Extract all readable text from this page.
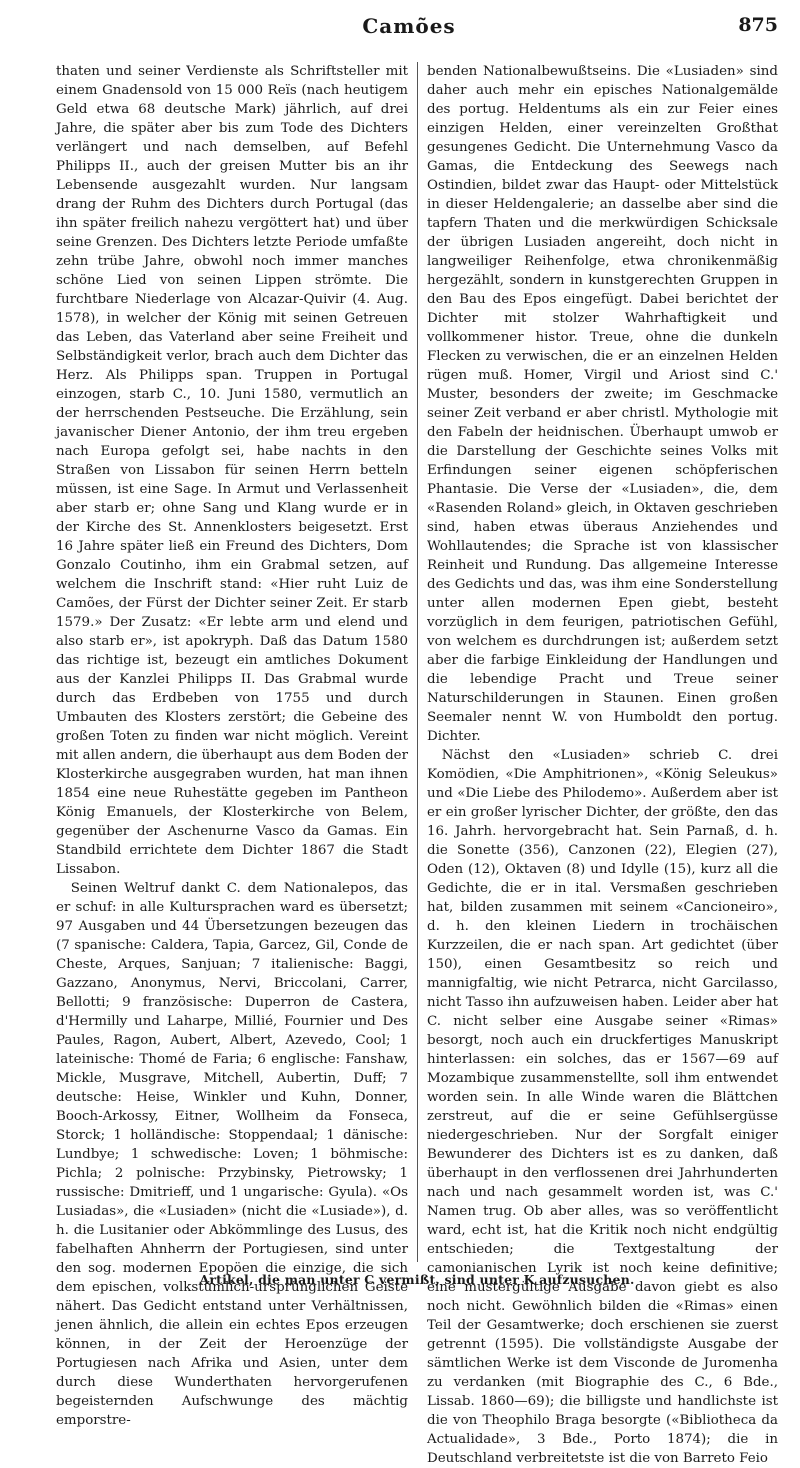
Camões	875

thaten und seiner Verdienste als Schriftsteller mit einem Gnadensold von 15 000 Reïs (nach heutigem Geld etwa 68 deutsche Mark) jährlich, auf drei Jahre, die später aber bis zum Tode des Dichters verlängert und nach demselben, auf Befehl Philipps II., auch der greisen Mutter bis an ihr Lebensende ausgezahlt wurden. Nur langsam drang der Ruhm des Dichters durch Portugal (das ihn später freilich nahezu vergöttert hat) und über seine Grenzen. Des Dichters letzte Periode umfaßte zehn trübe Jahre, obwohl noch immer manches schöne Lied von seinen Lippen strömte. Die furchtbare Niederlage von Alcazar-Quivir (4. Aug. 1578), in welcher der König mit seinen Getreuen das Leben, das Vaterland aber seine Freiheit und Selbständigkeit verlor, brach auch dem Dichter das Herz. Als Philipps span. Truppen in Portugal einzogen, starb C., 10. Juni 1580, vermutlich an der herrschenden Pestseuche. Die Erzählung, sein javanischer Diener Antonio, der ihm treu ergeben nach Europa gefolgt sei, habe nachts in den Straßen von Lissabon für seinen Herrn betteln müssen, ist eine Sage. In Armut und Verlassenheit aber starb er; ohne Sang und Klang wurde er in der Kirche des St. Annenklosters beigesetzt. Erst 16 Jahre später ließ ein Freund des Dichters, Dom Gonzalo Coutinho, ihm ein Grabmal setzen, auf welchem die Inschrift stand: «Hier ruht Luiz de Camões, der Fürst der Dichter seiner Zeit. Er starb 1579.» Der Zusatz: «Er lebte arm und elend und also starb er», ist apokryph. Daß das Datum 1580 das richtige ist, bezeugt ein amtliches Dokument aus der Kanzlei Philipps II. Das Grabmal wurde durch das Erdbeben von 1755 und durch Umbauten des Klosters zerstört; die Gebeine des großen Toten zu finden war nicht möglich. Vereint mit allen andern, die überhaupt aus dem Boden der Klosterkirche ausgegraben wurden, hat man ihnen 1854 eine neue Ruhestätte gegeben im Pantheon König Emanuels, der Klosterkirche von Belem, gegenüber der Aschenurne Vasco da Gamas. Ein Standbild errichtete dem Dichter 1867 die Stadt Lissabon.

Seinen Weltruf dankt C. dem Nationalepos, das er schuf: in alle Kultursprachen ward es übersetzt; 97 Ausgaben und 44 Übersetzungen bezeugen das (7 spanische: Caldera, Tapia, Garcez, Gil, Conde de Cheste, Arques, Sanjuan; 7 italienische: Baggi, Gazzano, Anonymus, Nervi, Briccolani, Carrer, Bellotti; 9 französische: Duperron de Castera, d'Hermilly und Laharpe, Millié, Fournier und Des Paules, Ragon, Aubert, Albert, Azevedo, Cool; 1 lateinische: Thomé de Faria; 6 englische: Fanshaw, Mickle, Musgrave, Mitchell, Aubertin, Duff; 7 deutsche: Heise, Winkler und Kuhn, Donner, Booch-Arkossy, Eitner, Wollheim da Fonseca, Storck; 1 holländische: Stoppendaal; 1 dänische: Lundbye; 1 schwedische: Loven; 1 böhmische: Pichla; 2 polnische: Przybinsky, Pietrowsky; 1 russische: Dmitrieff, und 1 ungarische: Gyula). «Os Lusiadas», die «Lusiaden» (nicht die «Lusiade»), d. h. die Lusitanier oder Abkömmlinge des Lusus, des fabelhaften Ahnherrn der Portugiesen, sind unter den sog. modernen Epopöen die einzige, die sich dem epischen, volkstümlich-ursprünglichen Geiste nähert. Das Gedicht entstand unter Verhältnissen, jenen ähnlich, die allein ein echtes Epos erzeugen können, in der Zeit der Heroenzüge der Portugiesen nach Afrika und Asien, unter dem durch diese Wunderthaten hervorgerufenen begeisternden Aufschwunge des mächtig emporstre-

benden Nationalbewußtseins. Die «Lusiaden» sind daher auch mehr ein episches Nationalgemälde des portug. Heldentums als ein zur Feier eines einzigen Helden, einer vereinzelten Großthat gesungenes Gedicht. Die Unternehmung Vasco da Gamas, die Entdeckung des Seewegs nach Ostindien, bildet zwar das Haupt- oder Mittelstück in dieser Heldengalerie; an dasselbe aber sind die tapfern Thaten und die merkwürdigen Schicksale der übrigen Lusiaden angereiht, doch nicht in langweiliger Reihenfolge, etwa chronikenmäßig hergezählt, sondern in kunstgerechten Gruppen in den Bau des Epos eingefügt. Dabei berichtet der Dichter mit stolzer Wahrhaftigkeit und vollkommener histor. Treue, ohne die dunkeln Flecken zu verwischen, die er an einzelnen Helden rügen muß. Homer, Virgil und Ariost sind C.' Muster, besonders der zweite; im Geschmacke seiner Zeit verband er aber christl. Mythologie mit den Fabeln der heidnischen. Überhaupt umwob er die Darstellung der Geschichte seines Volks mit Erfindungen seiner eigenen schöpferischen Phantasie. Die Verse der «Lusiaden», die, dem «Rasenden Roland» gleich, in Oktaven geschrieben sind, haben etwas überaus Anziehendes und Wohllautendes; die Sprache ist von klassischer Reinheit und Rundung. Das allgemeine Interesse des Gedichts und das, was ihm eine Sonderstellung unter allen modernen Epen giebt, besteht vorzüglich in dem feurigen, patriotischen Gefühl, von welchem es durchdrungen ist; außerdem setzt aber die farbige Einkleidung der Handlungen und die lebendige Pracht und Treue seiner Naturschilderungen in Staunen. Einen großen Seemaler nennt W. von Humboldt den portug. Dichter.

Nächst den «Lusiaden» schrieb C. drei Komödien, «Die Amphitrionen», «König Seleukus» und «Die Liebe des Philodemo». Außerdem aber ist er ein großer lyrischer Dichter, der größte, den das 16. Jahrh. hervorgebracht hat. Sein Parnaß, d. h. die Sonette (356), Canzonen (22), Elegien (27), Oden (12), Oktaven (8) und Idylle (15), kurz all die Gedichte, die er in ital. Versmaßen geschrieben hat, bilden zusammen mit seinem «Cancioneiro», d. h. den kleinen Liedern in trochäischen Kurzzeilen, die er nach span. Art gedichtet (über 150), einen Gesamtbesitz so reich und mannigfaltig, wie nicht Petrarca, nicht Garcilasso, nicht Tasso ihn aufzuweisen haben. Leider aber hat C. nicht selber eine Ausgabe seiner «Rimas» besorgt, noch auch ein druckfertiges Manuskript hinterlassen: ein solches, das er 1567—69 auf Mozambique zusammenstellte, soll ihm entwendet worden sein. In alle Winde waren die Blättchen zerstreut, auf die er seine Gefühlsergüsse niedergeschrieben. Nur der Sorgfalt einiger Bewunderer des Dichters ist es zu danken, daß überhaupt in den verflossenen drei Jahrhunderten nach und nach gesammelt worden ist, was C.' Namen trug. Ob aber alles, was so veröffentlicht ward, echt ist, hat die Kritik noch nicht endgültig entschieden; die Textgestaltung der camonianischen Lyrik ist noch keine definitive; eine mustergültige Ausgabe davon giebt es also noch nicht. Gewöhnlich bilden die «Rimas» einen Teil der Gesamtwerke; doch erschienen sie zuerst getrennt (1595). Die vollständigste Ausgabe der sämtlichen Werke ist dem Visconde de Juromenha zu verdanken (mit Biographie des C., 6 Bde., Lissab. 1860—69); die billigste und handlichste ist die von Theophilo Braga besorgte («Bibliotheca da Actualidade», 3 Bde., Porto 1874); die in Deutschland verbreitetste ist die von Barreto Feio

Artikel, die man unter C vermißt, sind unter K aufzusuchen.
